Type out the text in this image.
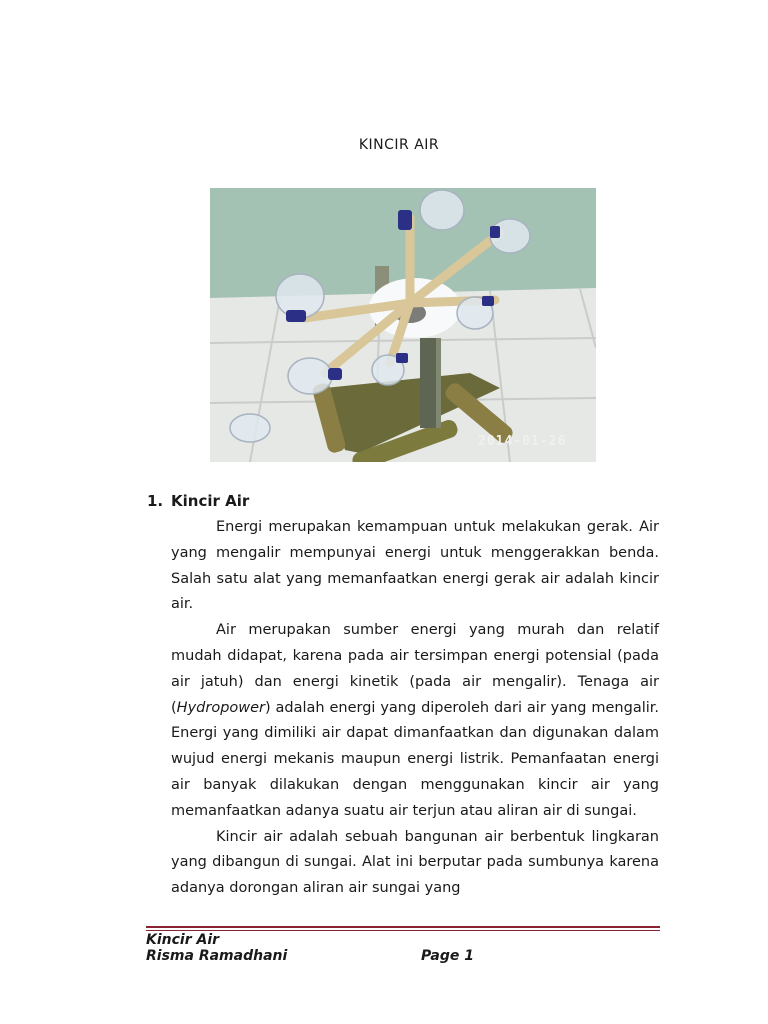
KINCIR AIR
2014-01-26
1. Kincir Air

Energi merupakan kemampuan untuk melakukan gerak. Air yang mengalir mempunyai energi untuk menggerakkan benda. Salah satu alat yang memanfaatkan energi gerak air adalah kincir air.

Air merupakan sumber energi yang murah dan relatif mudah didapat, karena pada air tersimpan energi potensial (pada air jatuh) dan energi kinetik (pada air mengalir). Tenaga air (Hydropower) adalah energi yang diperoleh dari air yang mengalir. Energi yang dimiliki air dapat dimanfaatkan dan digunakan dalam wujud energi mekanis maupun energi listrik. Pemanfaatan energi air banyak dilakukan dengan menggunakan kincir air yang memanfaatkan adanya suatu air terjun atau aliran air di sungai.

Kincir air adalah sebuah bangunan air berbentuk lingkaran yang dibangun di sungai. Alat ini berputar pada sumbunya karena adanya dorongan aliran air sungai yang

Kincir Air
Risma Ramadhani	Page 1
